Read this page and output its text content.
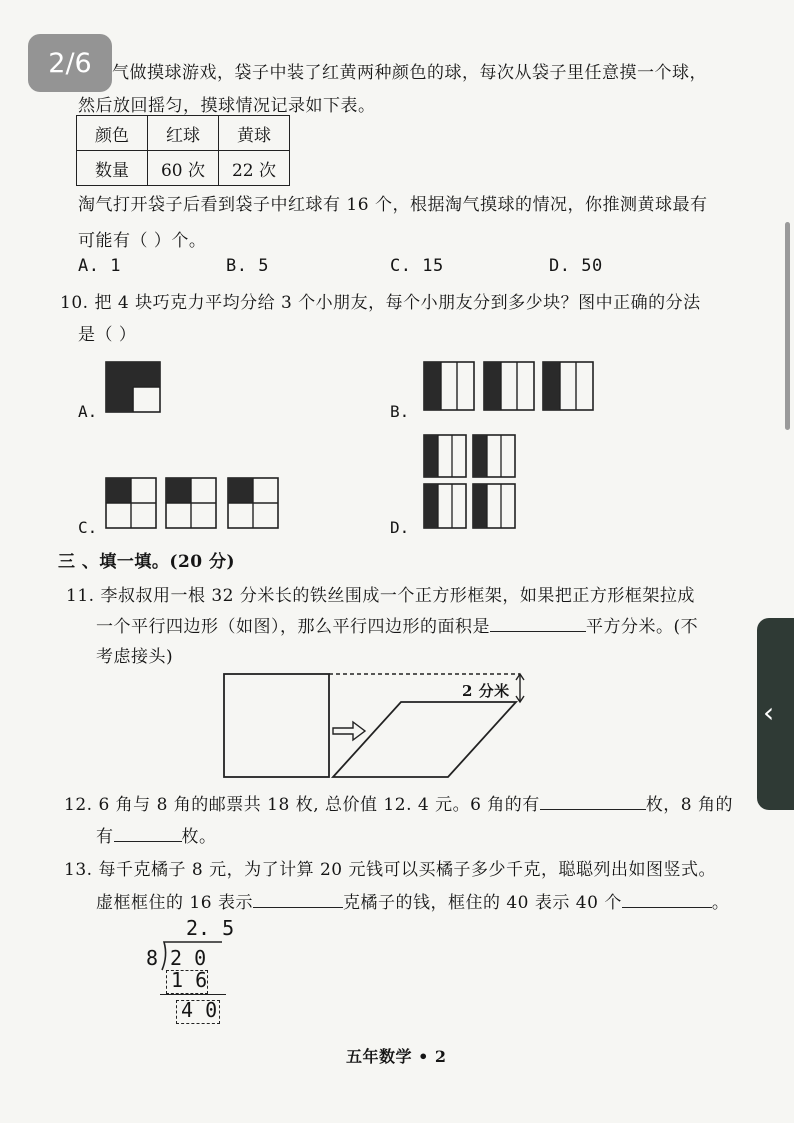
2/6	气做摸球游戏，袋子中装了红黄两种颜色的球，每次从袋子里任意摸一个球，
然后放回摇匀，摸球情况记录如下表。
颜色	红球	黄球
数量	60 次	22 次
淘气打开袋子后看到袋子中红球有 16 个，根据淘气摸球的情况，你推测黄球最有
可能有（ ）个。
A. 1	B. 5	C. 15	D. 50
10. 把 4 块巧克力平均分给 3 个小朋友，每个小朋友分到多少块？图中正确的分法
是（ ）
A.	B.
C.	D.
三 、填一填。(20 分)
11. 李叔叔用一根 32 分米长的铁丝围成一个正方形框架，如果把正方形框架拉成
一个平行四边形（如图），那么平行四边形的面积是	平方分米。(不
考虑接头)
2 分米
12. 6 角与 8 角的邮票共 18 枚, 总价值 12. 4 元。6 角的有	枚，8 角的
有	枚。
13. 每千克橘子 8 元，为了计算 20 元钱可以买橘子多少千克，聪聪列出如图竖式。
虚框框住的 16 表示	克橘子的钱，框住的 40 表示 40 个	。
2. 5
8 2 0
1 6
4 0
五年数学 • 2
‹
